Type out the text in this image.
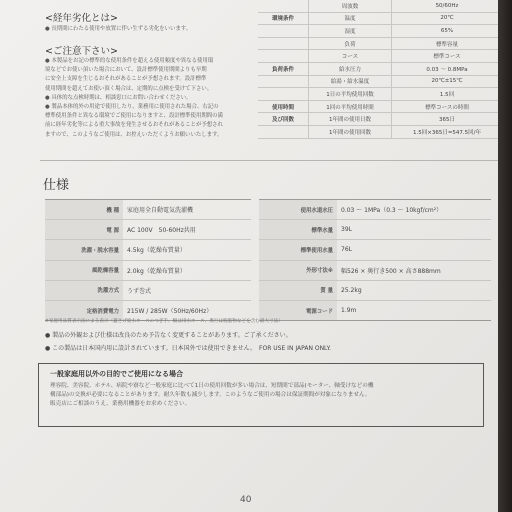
<経年劣化とは>

● 長期間にわたる使用や放置に伴い生ずる劣化をいいます。

<ご注意下さい>

● 本製品をお記の標準的な使用条件を超える使用頻度や異なる使用環

境などでお使い頂いた場合において、設計標準使用期間よりも早期

に安全上支障を生じるおそれがあることが予想されます。設計標準

使用期間を超えてお使い頂く場合は、定期的に点検を受けて下さい。

● 具体的な点検時期は、相談窓口にお問い合わせください。

● 製品本体的外の用途で使用したり、業務用に使用された場合、右記の

標準使用条件と異なる環境でご使用になりますと、設計標準使用期間の満

前に経年劣化等による重大事故を発生させるおそれがあることが予想され

ますので、このようなご使用は、お控えいただくようお願いいたします。

	周波数	50/60Hz
環境条件	温度	20℃
	湿度	65%
	負荷	標準容量
	コース	標準コース
負荷条件	給水圧力	0.03 ～ 0.8MPa
	給湯・給水温度	20℃±15℃
	1日の平均使用回数	1.5回
使用時間	1回の平均使用時間	標準コースの時間
及び回数	1年間の使用日数	365日
	1年間の使用回数	1.5回×365日=547.5回/年
仕様
機 種	家庭用全自動電気洗濯機
電 源	AC 100V　50-60Hz共用
洗濯・脱水容量	4.5kg（乾燥布質量）
風乾燥容量	2.0kg（乾燥布質量）
洗濯方式	うず巻式
定格消費電力	215W / 285W（50Hz/60Hz）
使用水道水圧	0.03 ～ 1MPa（0.3 ～ 10kgf/cm²）
標準水量	39L
標準使用水量	76L
外形寸法※	幅526 × 奥行き500 × 高さ888mm
質 量	25.2kg
電源コード	1.9m
※家庭用品質表示法による表示（蓋さげ給水ホースのつぎ手、幅は排水ホース、奥行は脱脂物などを含む最大寸法）
● 製品の外観および仕様は改良のため予告なく変更することがあります。ご了承ください。
● この製品は日本国内用に設計されています。日本国外では使用できません。　FOR USE IN JAPAN ONLY.
一般家庭用以外の目的でご使用になる場合
理容院、美容院、ホテル、病院や寮など一般家庭に比べて1日の使用回数が多い場合は、短期間で部品(モーター、軸受けなどの機
構部品)の交換が必要になることがあります。耐久年数も減少します。このようなご使用の場合は保証期間が対象になりません。
販売店にご相談のうえ、業務用機器をお求めください。
40
